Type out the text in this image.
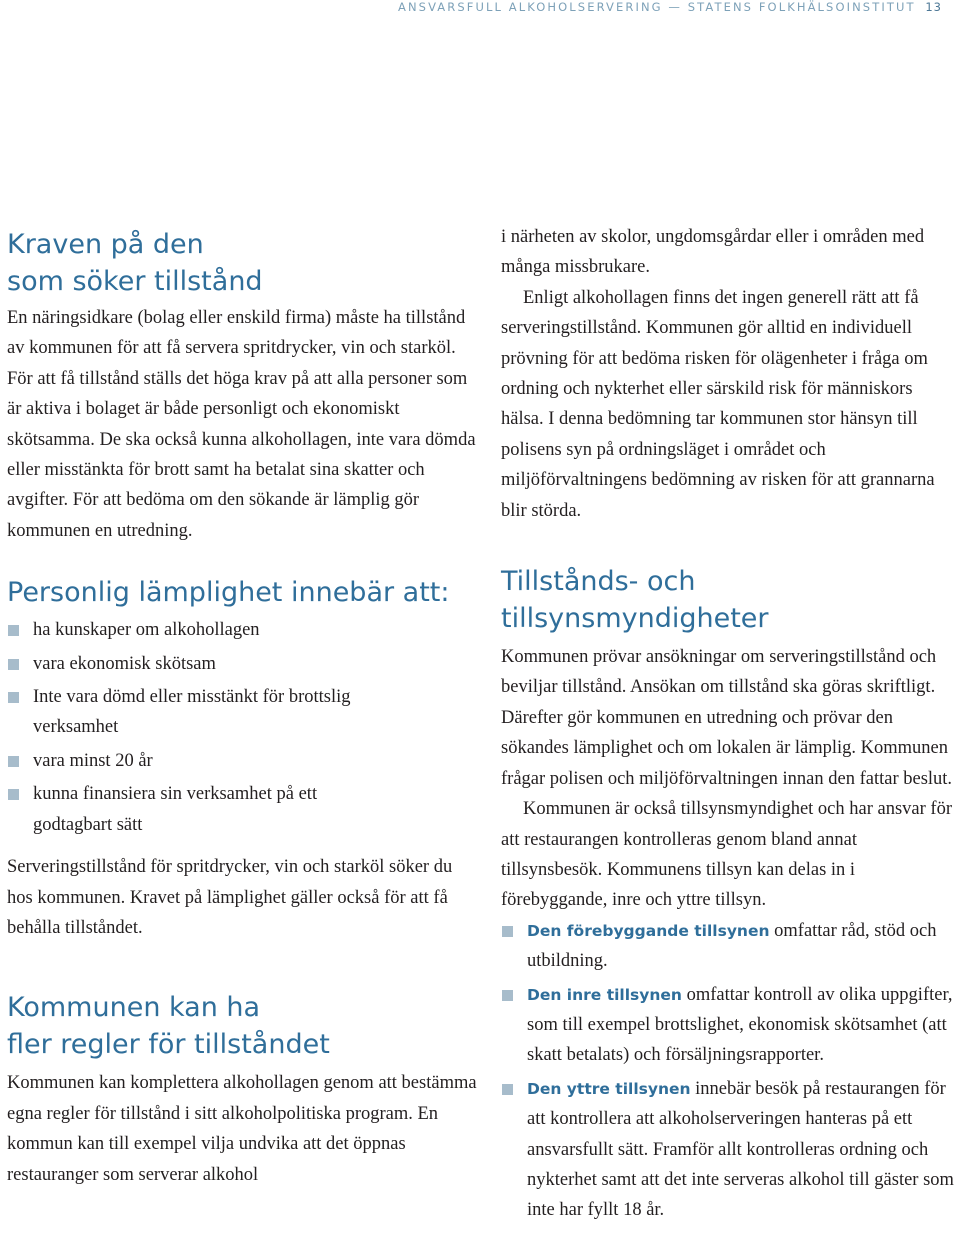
ANSVARSFULL ALKOHOLSERVERING — STATENS FOLKHÄLSOINSTITUT 13
Kraven på den
som söker tillstånd

En näringsidkare (bolag eller enskild firma) måste ha tillstånd av kommunen för att få servera spritdrycker, vin och starköl. För att få tillstånd ställs det höga krav på att alla personer som är aktiva i bolaget är både personligt och ekonomiskt skötsamma. De ska också kunna alkohollagen, inte vara dömda eller misstänkta för brott samt ha betalat sina skatter och avgifter. För att bedöma om den sökande är lämplig gör kommunen en utredning.

Personlig lämplighet innebär att:
ha kunskaper om alkohollagen
vara ekonomisk skötsam
Inte vara dömd eller misstänkt för brottslig verksamhet
vara minst 20 år
kunna finansiera sin verksamhet på ett godtagbart sätt

Serveringstillstånd för spritdrycker, vin och starköl söker du hos kommunen. Kravet på lämplighet gäller också för att få behålla tillståndet.

Kommunen kan ha
fler regler för tillståndet

Kommunen kan komplettera alkohollagen genom att bestämma egna regler för tillstånd i sitt alkoholpolitiska program. En kommun kan till exempel vilja undvika att det öppnas restauranger som serverar alkohol

i närheten av skolor, ungdomsgårdar eller i områden med många missbrukare.

Enligt alkohollagen finns det ingen generell rätt att få serveringstillstånd. Kommunen gör alltid en individuell prövning för att bedöma risken för olägenheter i fråga om ordning och nykterhet eller särskild risk för människors hälsa. I denna bedömning tar kommunen stor hänsyn till polisens syn på ordningsläget i området och miljöförvaltningens bedömning av risken för att grannarna blir störda.

Tillstånds- och tillsynsmyndigheter

Kommunen prövar ansökningar om serveringstillstånd och beviljar tillstånd. Ansökan om tillstånd ska göras skriftligt. Därefter gör kommunen en utredning och prövar den sökandes lämplighet och om lokalen är lämplig. Kommunen frågar polisen och miljöförvaltningen innan den fattar beslut.

Kommunen är också tillsynsmyndighet och har ansvar för att restaurangen kontrolleras genom bland annat tillsynsbesök. Kommunens tillsyn kan delas in i förebyggande, inre och yttre tillsyn.

Den förebyggande tillsynen omfattar råd, stöd och utbildning.
Den inre tillsynen omfattar kontroll av olika uppgifter, som till exempel brottslighet, ekonomisk skötsamhet (att skatt betalats) och försäljningsrapporter.
Den yttre tillsynen innebär besök på restaurangen för att kontrollera att alkoholserveringen hanteras på ett ansvarsfullt sätt. Framför allt kontrolleras ordning och nykterhet samt att det inte serveras alkohol till gäster som inte har fyllt 18 år.
